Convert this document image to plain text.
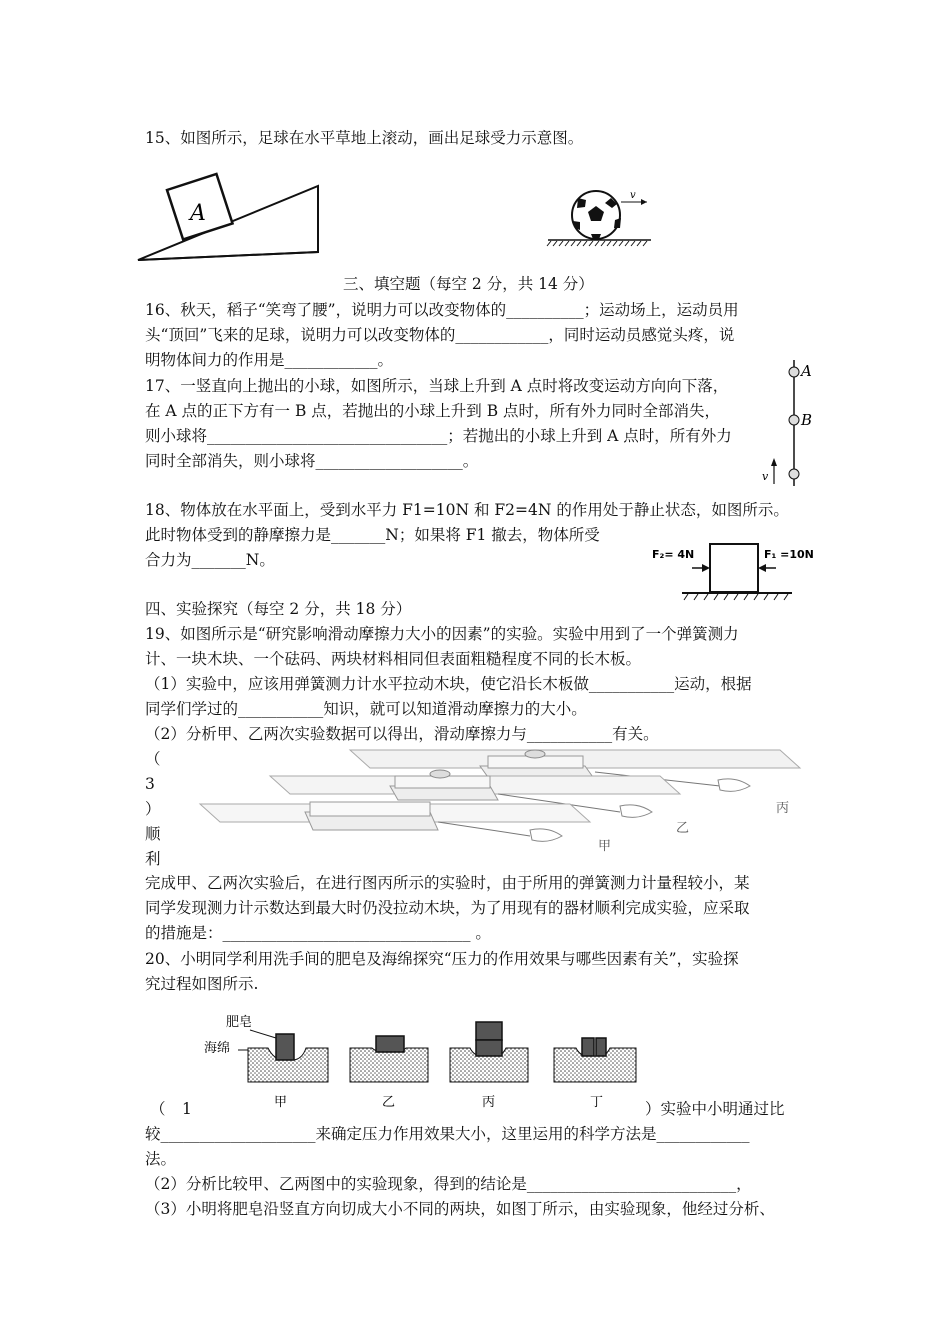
15、如图所示，足球在水平草地上滚动，画出足球受力示意图。
A
v
三、填空题（每空 2 分，共 14 分）
16、秋天，稻子“笑弯了腰”，说明力可以改变物体的__________；运动场上，运动员用
头“顶回”飞来的足球，说明力可以改变物体的____________，同时运动员感觉头疼，说
明物体间力的作用是____________。
17、一竖直向上抛出的小球，如图所示，当球上升到 A 点时将改变运动方向向下落，
在 A 点的正下方有一 B 点，若抛出的小球上升到 B 点时，所有外力同时全部消失，
则小球将_______________________________；若抛出的小球上升到 A 点时，所有外力
同时全部消失，则小球将___________________。
A
B
v
18、物体放在水平面上，受到水平力 F1=10N 和 F2=4N 的作用处于静止状态，如图所示。
此时物体受到的静摩擦力是_______N；如果将 F1 撤去，物体所受
合力为_______N。	F₂= 4N	F₁ =10N
四、实验探究（每空 2 分，共 18 分）
19、如图所示是“研究影响滑动摩擦力大小的因素”的实验。实验中用到了一个弹簧测力
计、一块木块、一个砝码、两块材料相同但表面粗糙程度不同的长木板。
（1）实验中，应该用弹簧测力计水平拉动木块，使它沿长木板做___________运动，根据
同学们学过的___________知识，就可以知道滑动摩擦力的大小。
（2）分析甲、乙两次实验数据可以得出，滑动摩擦力与___________有关。
（
3
）
顺
利
丙
乙
甲
完成甲、乙两次实验后，在进行图丙所示的实验时，由于所用的弹簧测力计量程较小，某
同学发现测力计示数达到最大时仍没拉动木块，为了用现有的器材顺利完成实验，应采取
的措施是：________________________________ 。
20、小明同学利用洗手间的肥皂及海绵探究“压力的作用效果与哪些因素有关”，实验探
究过程如图所示.
肥皂
海绵
甲	乙	丙	丁
（ 1	）实验中小明通过比
较____________________来确定压力作用效果大小，这里运用的科学方法是____________
法。
（2）分析比较甲、乙两图中的实验现象，得到的结论是___________________________，
（3）小明将肥皂沿竖直方向切成大小不同的两块，如图丁所示，由实验现象，他经过分析、
